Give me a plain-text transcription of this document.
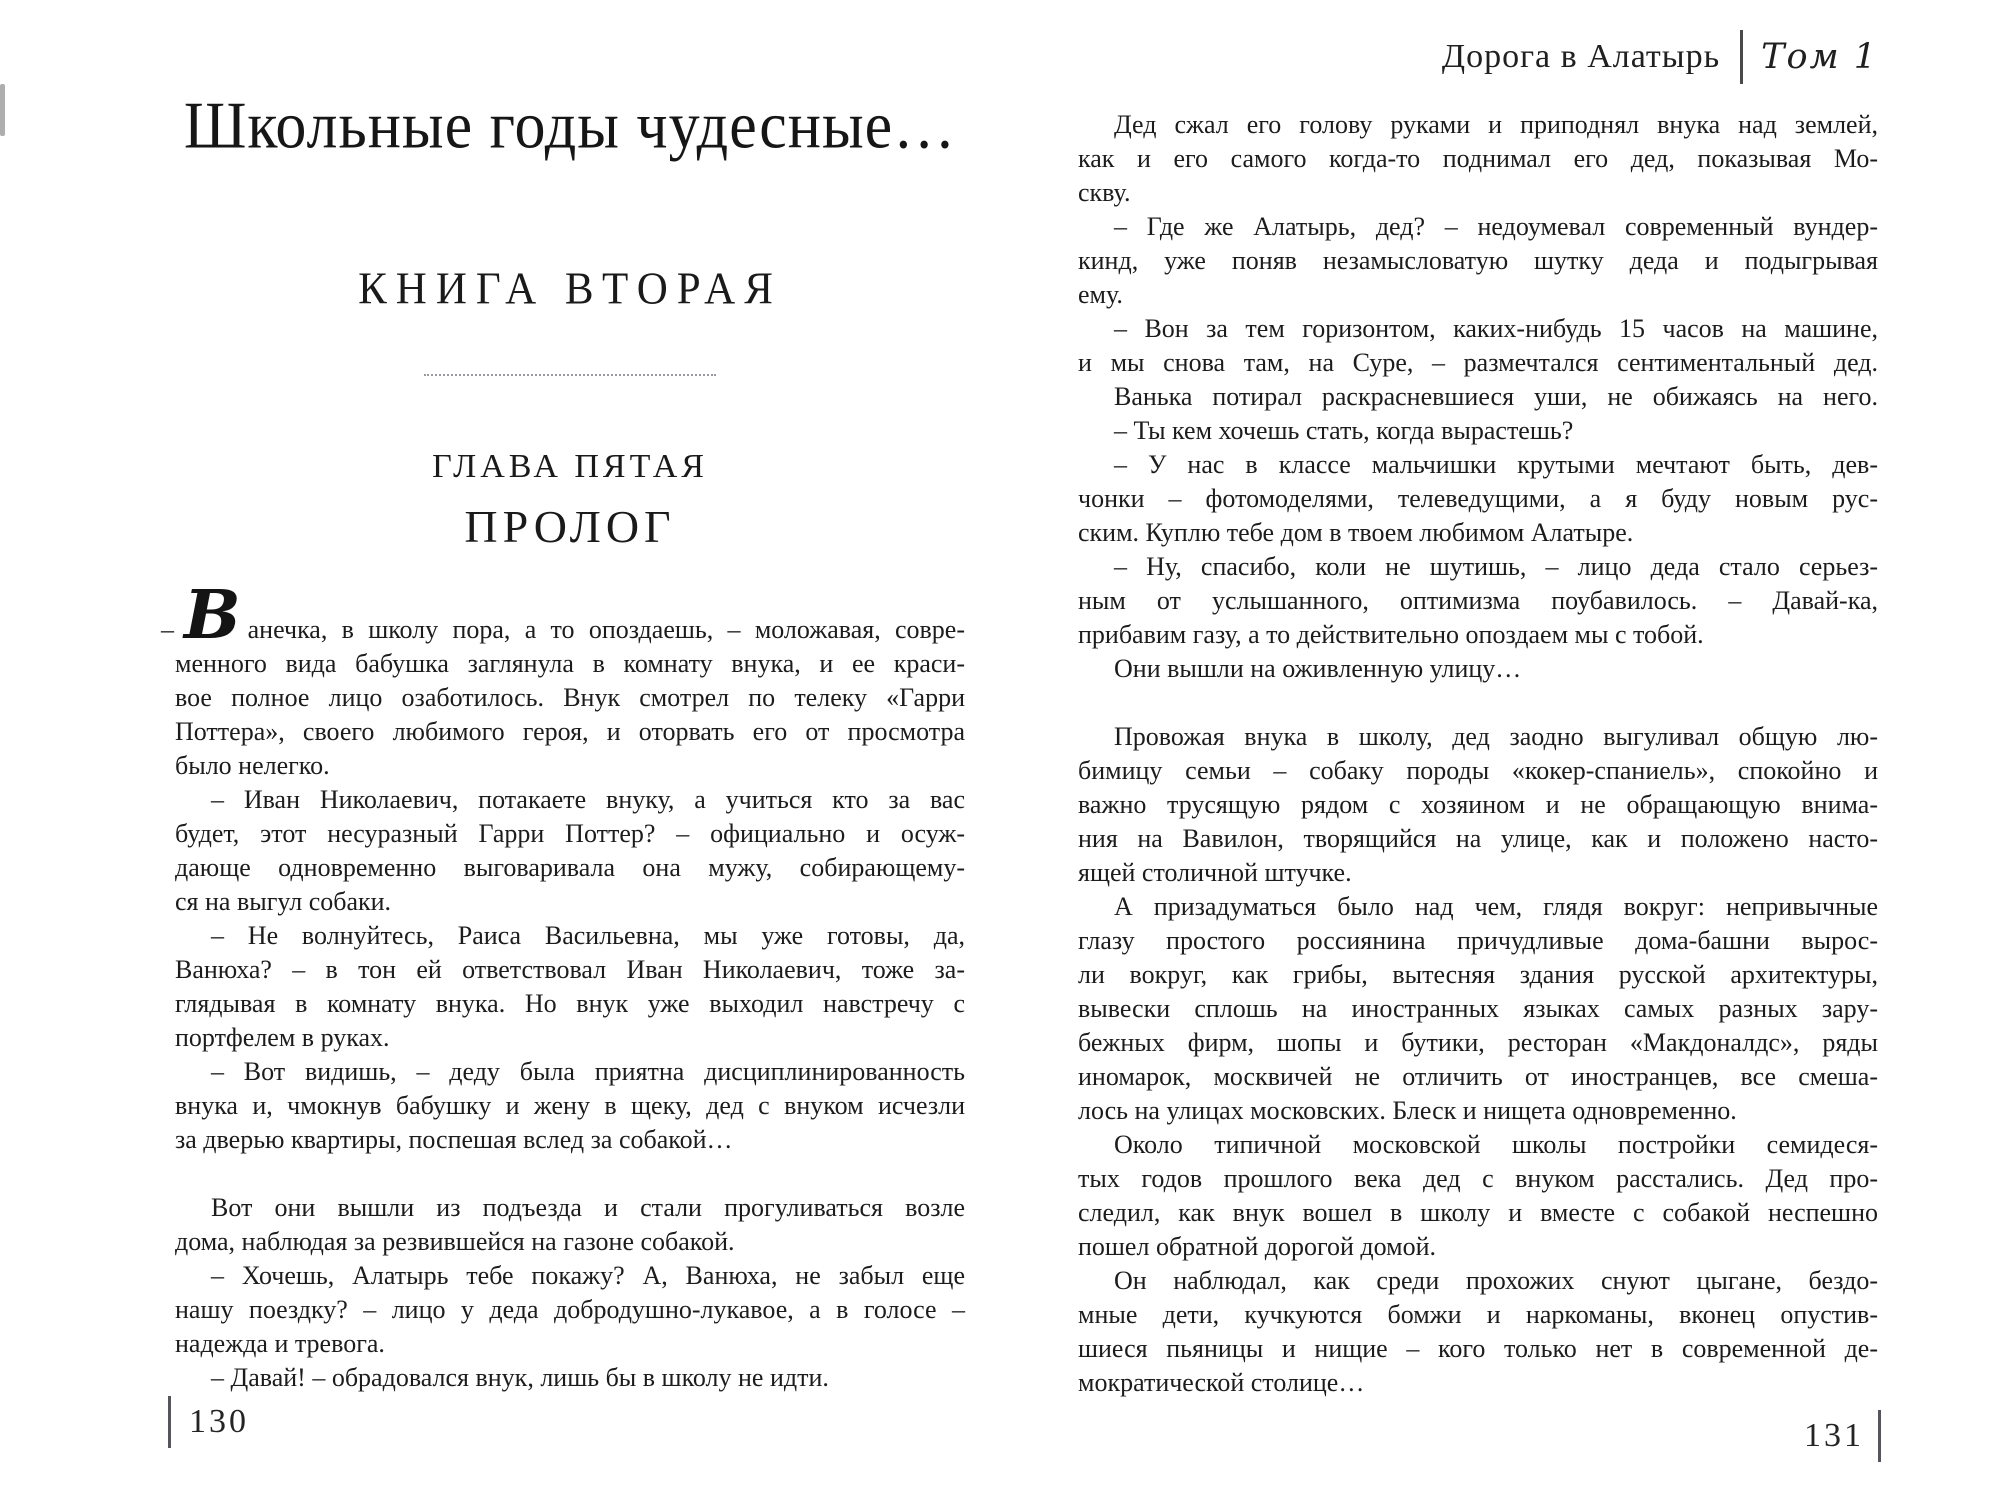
Школьные годы чудесные…
КНИГА ВТОРАЯ
ГЛАВА ПЯТАЯ
ПРОЛОГ
– В анечка, в школу пора, а то опоздаешь, – моложавая, совре-
менного вида бабушка заглянула в комнату внука, и ее краси-
вое полное лицо озаботилось. Внук смотрел по телеку «Гарри
Поттера», своего любимого героя, и оторвать его от просмотра
было нелегко.
– Иван Николаевич, потакаете внуку, а учиться кто за вас
будет, этот несуразный Гарри Поттер? – официально и осуж-
дающе одновременно выговаривала она мужу, собирающему-
ся на выгул собаки.
– Не волнуйтесь, Раиса Васильевна, мы уже готовы, да,
Ванюха? – в тон ей ответствовал Иван Николаевич, тоже за-
глядывая в комнату внука. Но внук уже выходил навстречу с
портфелем в руках.
– Вот видишь, – деду была приятна дисциплинированность
внука и, чмокнув бабушку и жену в щеку, дед с внуком исчезли
за дверью квартиры, поспешая вслед за собакой…
Вот они вышли из подъезда и стали прогуливаться возле
дома, наблюдая за резвившейся на газоне собакой.
– Хочешь, Алатырь тебе покажу? А, Ванюха, не забыл еще
нашу поездку? – лицо у деда добродушно-лукавое, а в голосе –
надежда и тревога.
– Давай! – обрадовался внук, лишь бы в школу не идти.
130
Дорога в Алатырь Том 1
Дед сжал его голову руками и приподнял внука над землей,
как и его самого когда-то поднимал его дед, показывая Мо-
скву.
– Где же Алатырь, дед? – недоумевал современный вундер-
кинд, уже поняв незамысловатую шутку деда и подыгрывая
ему.
– Вон за тем горизонтом, каких-нибудь 15 часов на машине,
и мы снова там, на Суре, – размечтался сентиментальный дед.
Ванька потирал раскрасневшиеся уши, не обижаясь на него.
– Ты кем хочешь стать, когда вырастешь?
– У нас в классе мальчишки крутыми мечтают быть, дев-
чонки – фотомоделями, телеведущими, а я буду новым рус-
ским. Куплю тебе дом в твоем любимом Алатыре.
– Ну, спасибо, коли не шутишь, – лицо деда стало серьез-
ным от услышанного, оптимизма поубавилось. – Давай-ка,
прибавим газу, а то действительно опоздаем мы с тобой.
Они вышли на оживленную улицу…
Провожая внука в школу, дед заодно выгуливал общую лю-
бимицу семьи – собаку породы «кокер-спаниель», спокойно и
важно трусящую рядом с хозяином и не обращающую внима-
ния на Вавилон, творящийся на улице, как и положено насто-
ящей столичной штучке.
А призадуматься было над чем, глядя вокруг: непривычные
глазу простого россиянина причудливые дома-башни вырос-
ли вокруг, как грибы, вытесняя здания русской архитектуры,
вывески сплошь на иностранных языках самых разных зару-
бежных фирм, шопы и бутики, ресторан «Макдоналдс», ряды
иномарок, москвичей не отличить от иностранцев, все смеша-
лось на улицах московских. Блеск и нищета одновременно.
Около типичной московской школы постройки семидеся-
тых годов прошлого века дед с внуком расстались. Дед про-
следил, как внук вошел в школу и вместе с собакой неспешно
пошел обратной дорогой домой.
Он наблюдал, как среди прохожих снуют цыгане, бездо-
мные дети, кучкуются бомжи и наркоманы, вконец опустив-
шиеся пьяницы и нищие – кого только нет в современной де-
мократической столице…
131
